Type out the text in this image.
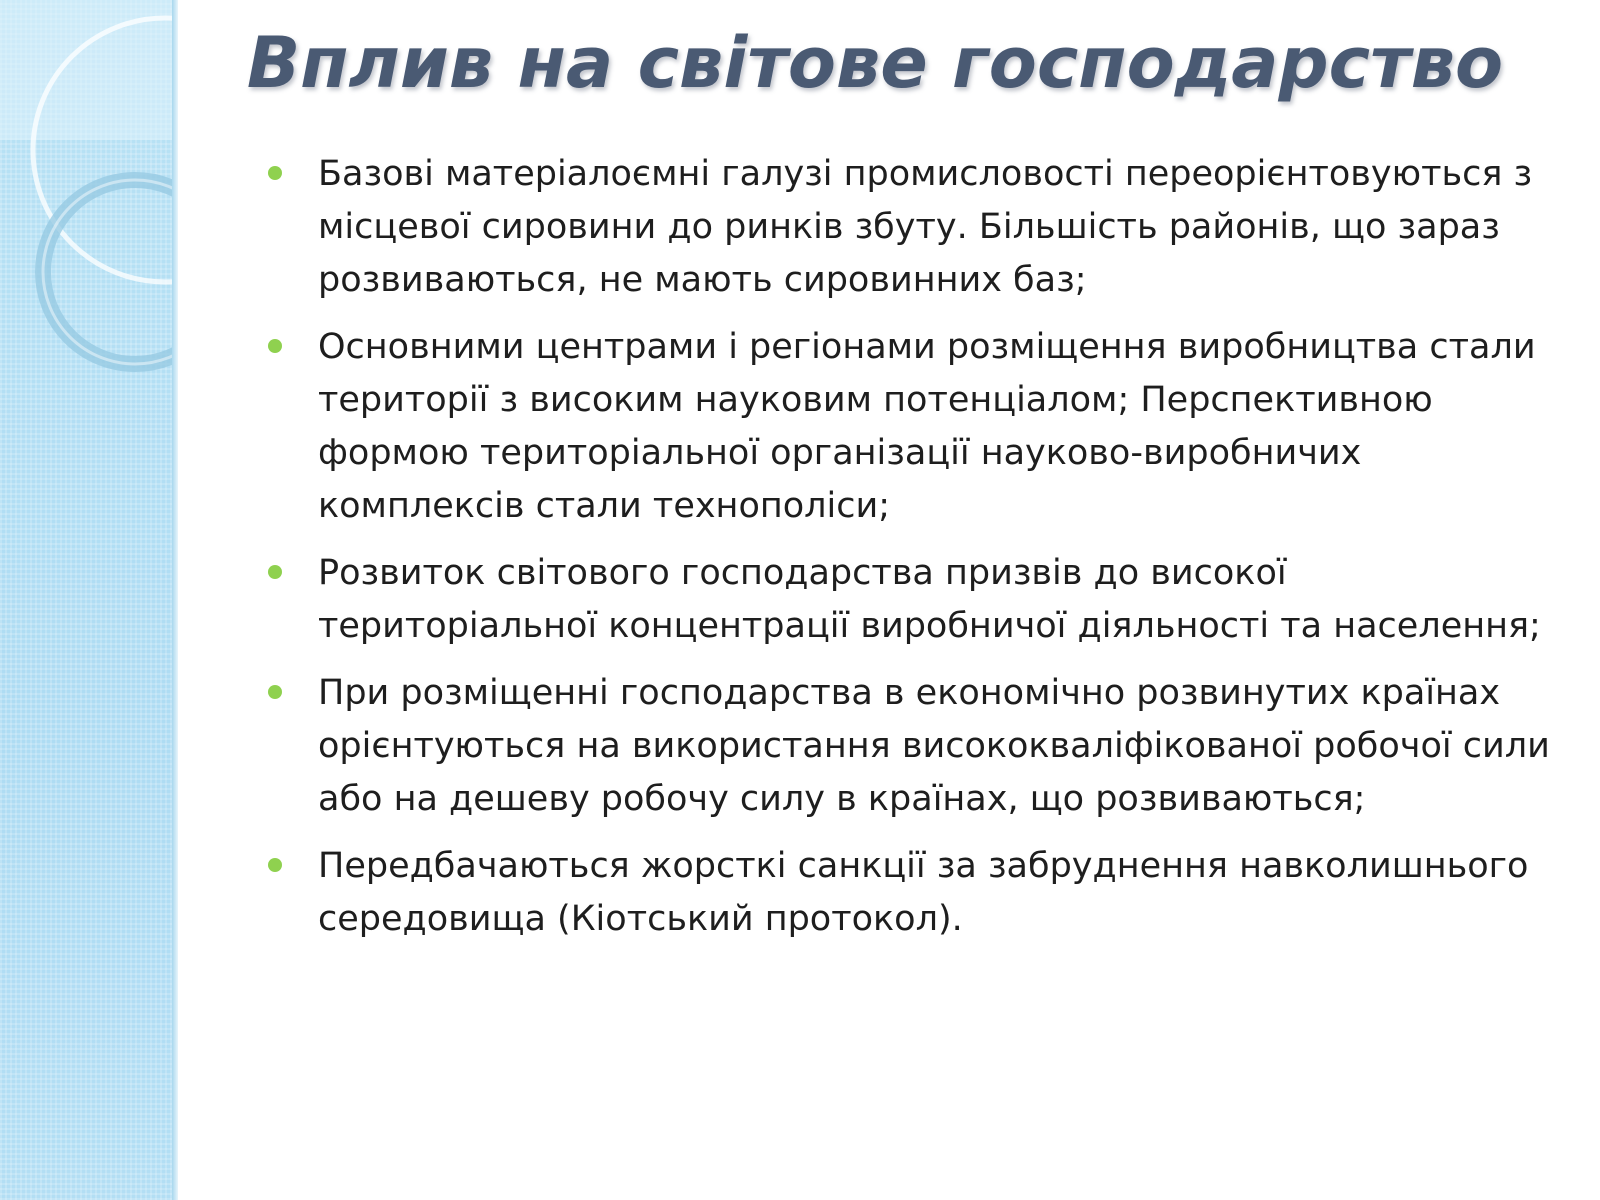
Вплив на світове господарство
Базові матеріалоємні галузі промисловості переорієнтовуються з місцевої сировини до ринків збуту. Більшість районів, що зараз розвиваються, не мають сировинних баз;
Основними центрами і регіонами розміщення виробництва стали території з високим науковим потенціалом; Перспективною формою територіальної організації науково-виробничих комплексів стали технополіси;
Розвиток світового господарства призвів до високої територіальної концентрації виробничої діяльності та населення;
При розміщенні господарства в економічно розвинутих країнах орієнтуються на використання висококваліфікованої робочої сили або на дешеву робочу силу в країнах, що розвиваються;
Передбачаються жорсткі санкції за забруднення навколишнього середовища (Кіотський протокол).
